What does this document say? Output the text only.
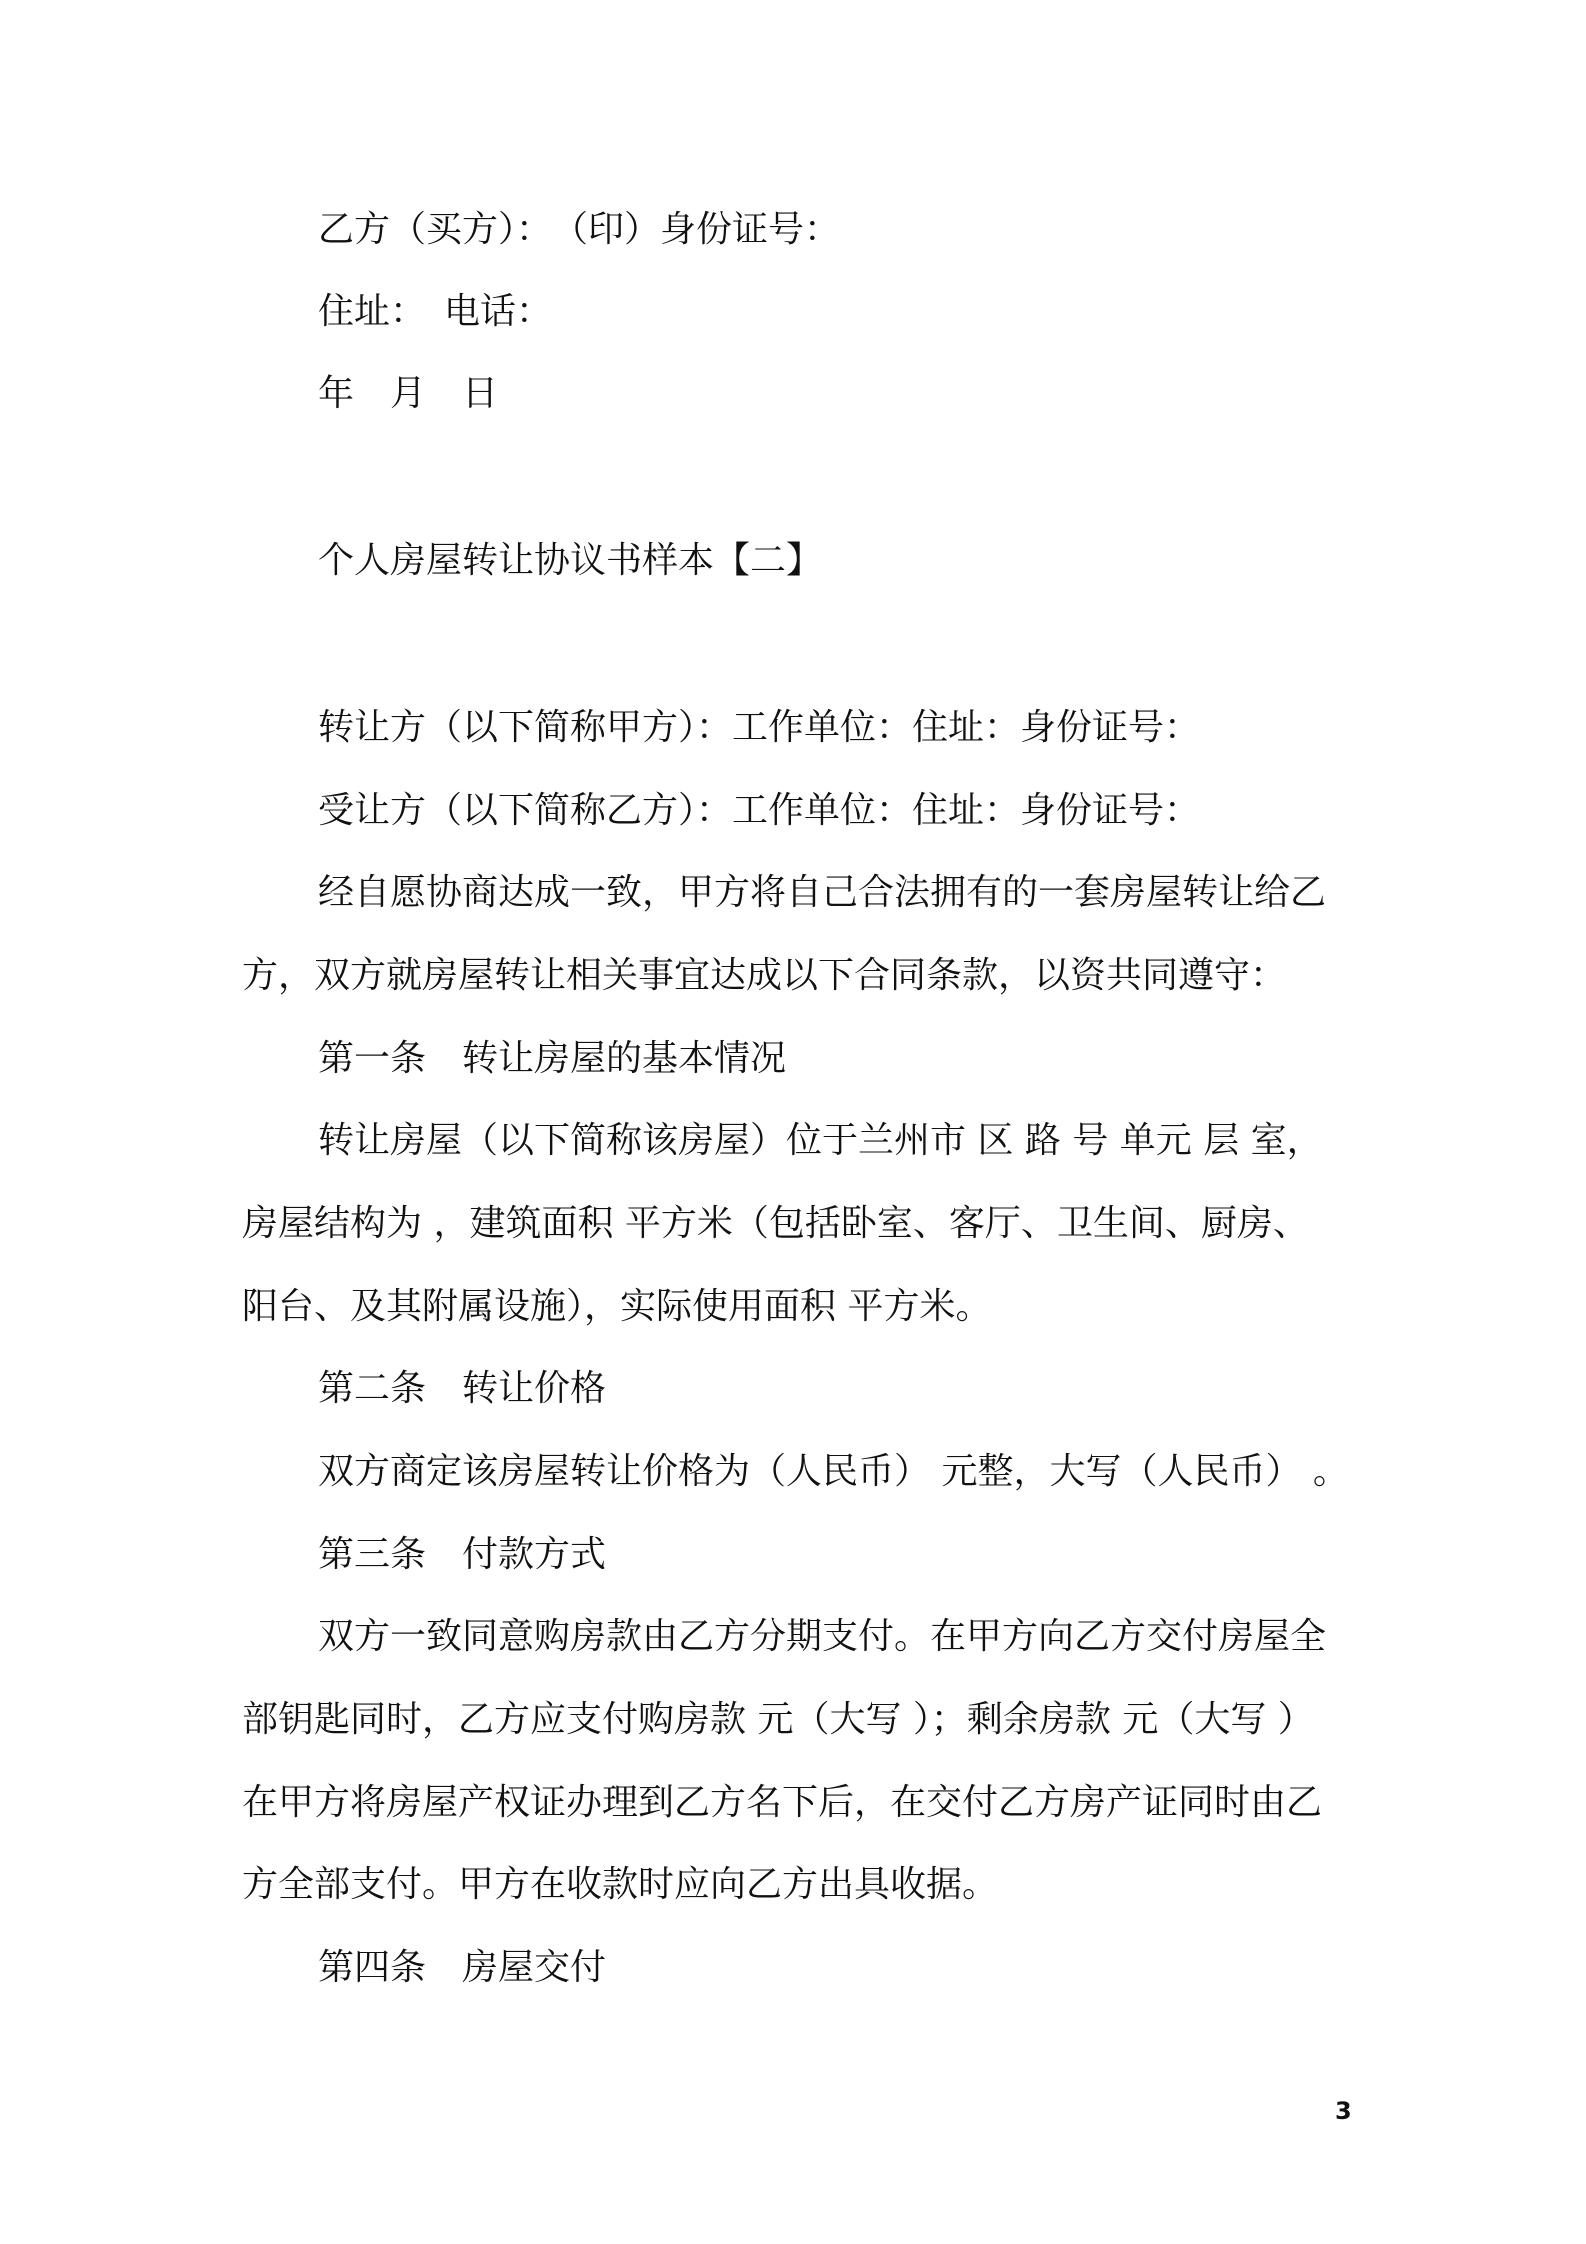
乙方（买方）：　（印）身份证号：
住址：　电话：
年　月　日
个人房屋转让协议书样本【二】
转让方（以下简称甲方）：工作单位：住址：身份证号：
受让方（以下简称乙方）：工作单位：住址：身份证号：
经自愿协商达成一致，甲方将自己合法拥有的一套房屋转让给乙
方，双方就房屋转让相关事宜达成以下合同条款，以资共同遵守：
第一条　转让房屋的基本情况
转让房屋（以下简称该房屋）位于兰州市 区 路 号 单元 层 室，
房屋结构为 ，建筑面积 平方米（包括卧室、客厅、卫生间、厨房、
阳台、及其附属设施），实际使用面积 平方米。
第二条　转让价格
双方商定该房屋转让价格为（人民币） 元整，大写（人民币） 。
第三条　付款方式
双方一致同意购房款由乙方分期支付。在甲方向乙方交付房屋全
部钥匙同时，乙方应支付购房款 元（大写 ）；剩余房款 元（大写 ）
在甲方将房屋产权证办理到乙方名下后，在交付乙方房产证同时由乙
方全部支付。甲方在收款时应向乙方出具收据。
第四条　房屋交付
3
